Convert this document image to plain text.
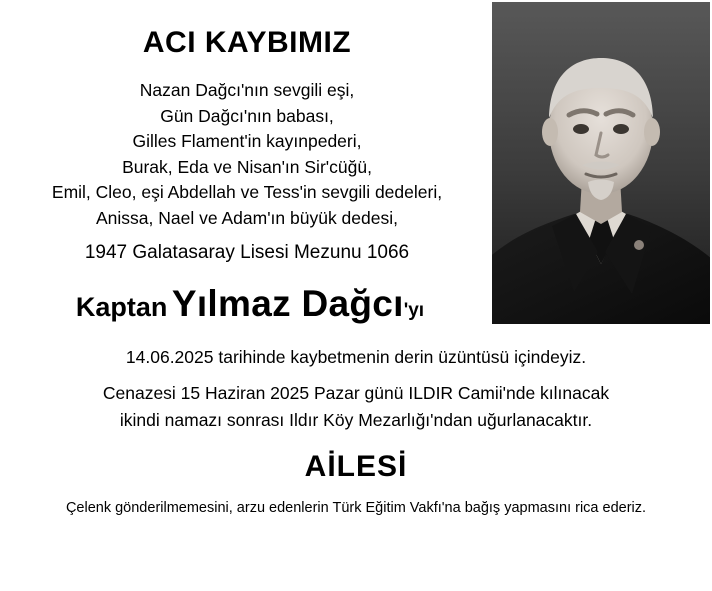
ACI KAYBIMIZ
Nazan Dağcı'nın sevgili eşi,
Gün Dağcı'nın babası,
Gilles Flament'in kayınpederi,
Burak, Eda ve Nisan'ın Sir'cüğü,
Emil, Cleo, eşi Abdellah ve Tess'in sevgili dedeleri,
Anissa, Nael ve Adam'ın büyük dedesi,
1947 Galatasaray Lisesi Mezunu 1066
Kaptan Yılmaz Dağcı'yı
14.06.2025 tarihinde kaybetmenin derin üzüntüsü içindeyiz.
Cenazesi 15 Haziran 2025 Pazar günü ILDIR Camii'nde kılınacak
ikindi namazı sonrası Ildır Köy Mezarlığı'ndan uğurlanacaktır.
AİLESİ
Çelenk gönderilmemesini, arzu edenlerin Türk Eğitim Vakfı'na bağış yapmasını rica ederiz.
